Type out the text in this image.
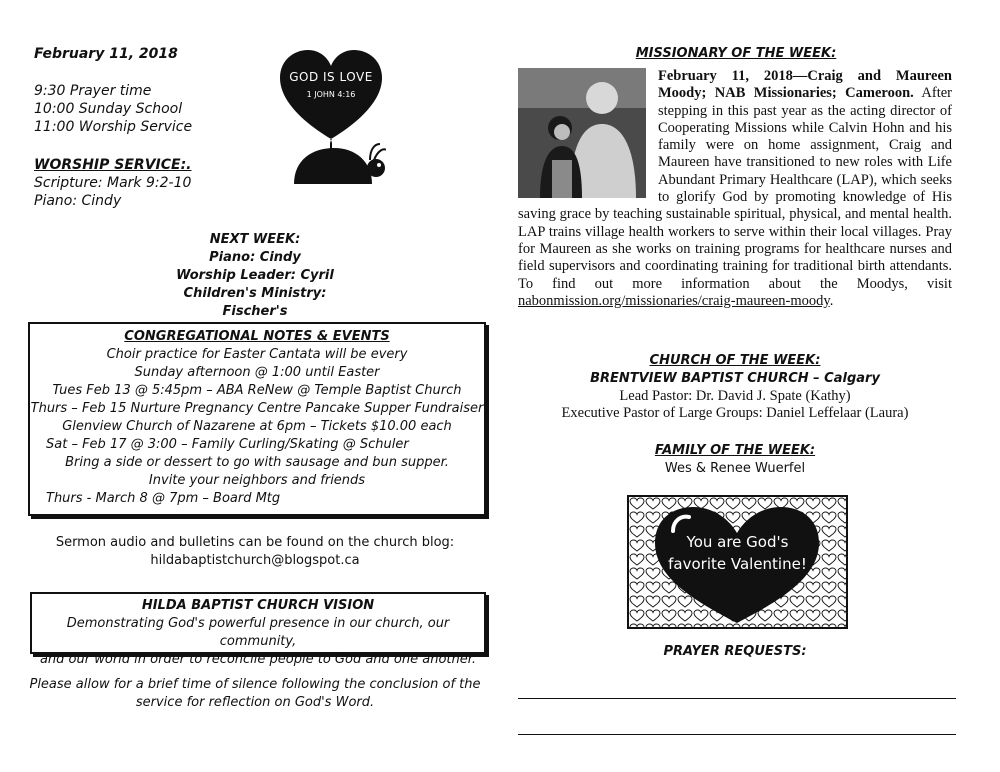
February 11, 2018
9:30 Prayer time
10:00 Sunday School
11:00 Worship Service
WORSHIP SERVICE:.
Scripture: Mark 9:2-10
Piano: Cindy
*
GOD IS LOVE
1 JOHN 4:16
NEXT WEEK:
Piano: Cindy
Worship Leader: Cyril
Children's Ministry: Fischer's
CONGREGATIONAL NOTES & EVENTS
Choir practice for Easter Cantata will be every
Sunday afternoon @ 1:00 until Easter
Tues Feb 13 @ 5:45pm – ABA ReNew @ Temple Baptist Church
Thurs – Feb 15 Nurture Pregnancy Centre Pancake Supper Fundraiser
Glenview Church of Nazarene at 6pm – Tickets $10.00 each
Sat – Feb 17 @ 3:00 – Family Curling/Skating @ Schuler
Bring a side or dessert to go with sausage and bun supper.
Invite your neighbors and friends
Thurs - March 8 @ 7pm – Board Mtg
Sermon audio and bulletins can be found on the church blog:
hildabaptistchurch@blogspot.ca
HILDA BAPTIST CHURCH VISION
Demonstrating God's powerful presence in our church, our community,
and our world in order to reconcile people to God and one another.
Please allow for a brief time of silence following the conclusion of the
service for reflection on God's Word.
MISSIONARY OF THE WEEK:
February 11, 2018—Craig and Maureen Moody; NAB Missionaries; Cameroon. After stepping in this past year as the acting director of Cooperating Missions while Calvin Hohn and his family were on home assignment, Craig and Maureen have transitioned to new roles with Life Abundant Primary Healthcare (LAP), which seeks to glorify God by promoting knowledge of His saving grace by teaching sustainable spiritual, physical, and mental health. LAP trains village health workers to serve within their local villages. Pray for Maureen as she works on training programs for healthcare nurses and field supervisors and coordinating training for traditional birth attendants. To find out more information about the Moodys, visit nabonmission.org/missionaries/craig-maureen-moody.
CHURCH OF THE WEEK:
BRENTVIEW BAPTIST CHURCH – Calgary
Lead Pastor: Dr. David J. Spate (Kathy)
Executive Pastor of Large Groups: Daniel Leffelaar (Laura)
FAMILY OF THE WEEK:
Wes & Renee Wuerfel
You are God's
favorite Valentine!
PRAYER REQUESTS:
